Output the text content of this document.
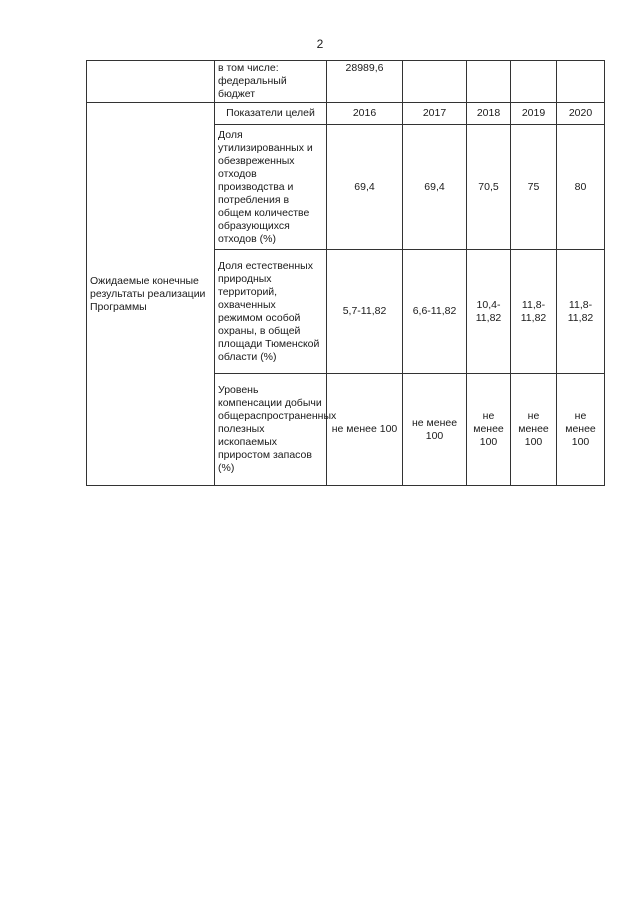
2
	в том числе: федеральный бюджет	28989,6				
Ожидаемые конечные результаты реализации Программы	Показатели целей	2016	2017	2018	2019	2020
	Доля утилизированных и обезвреженных отходов производства и потребления в общем количестве образующихся отходов (%)	69,4	69,4	70,5	75	80
	Доля естественных природных территорий, охваченных режимом особой охраны, в общей площади Тюменской области (%)	5,7-11,82	6,6-11,82	10,4-11,82	11,8-11,82	11,8-11,82
	Уровень компенсации добычи общераспространенных полезных ископаемых приростом запасов (%)	не менее 100	не менее 100	не менее 100	не менее 100	не менее 100
